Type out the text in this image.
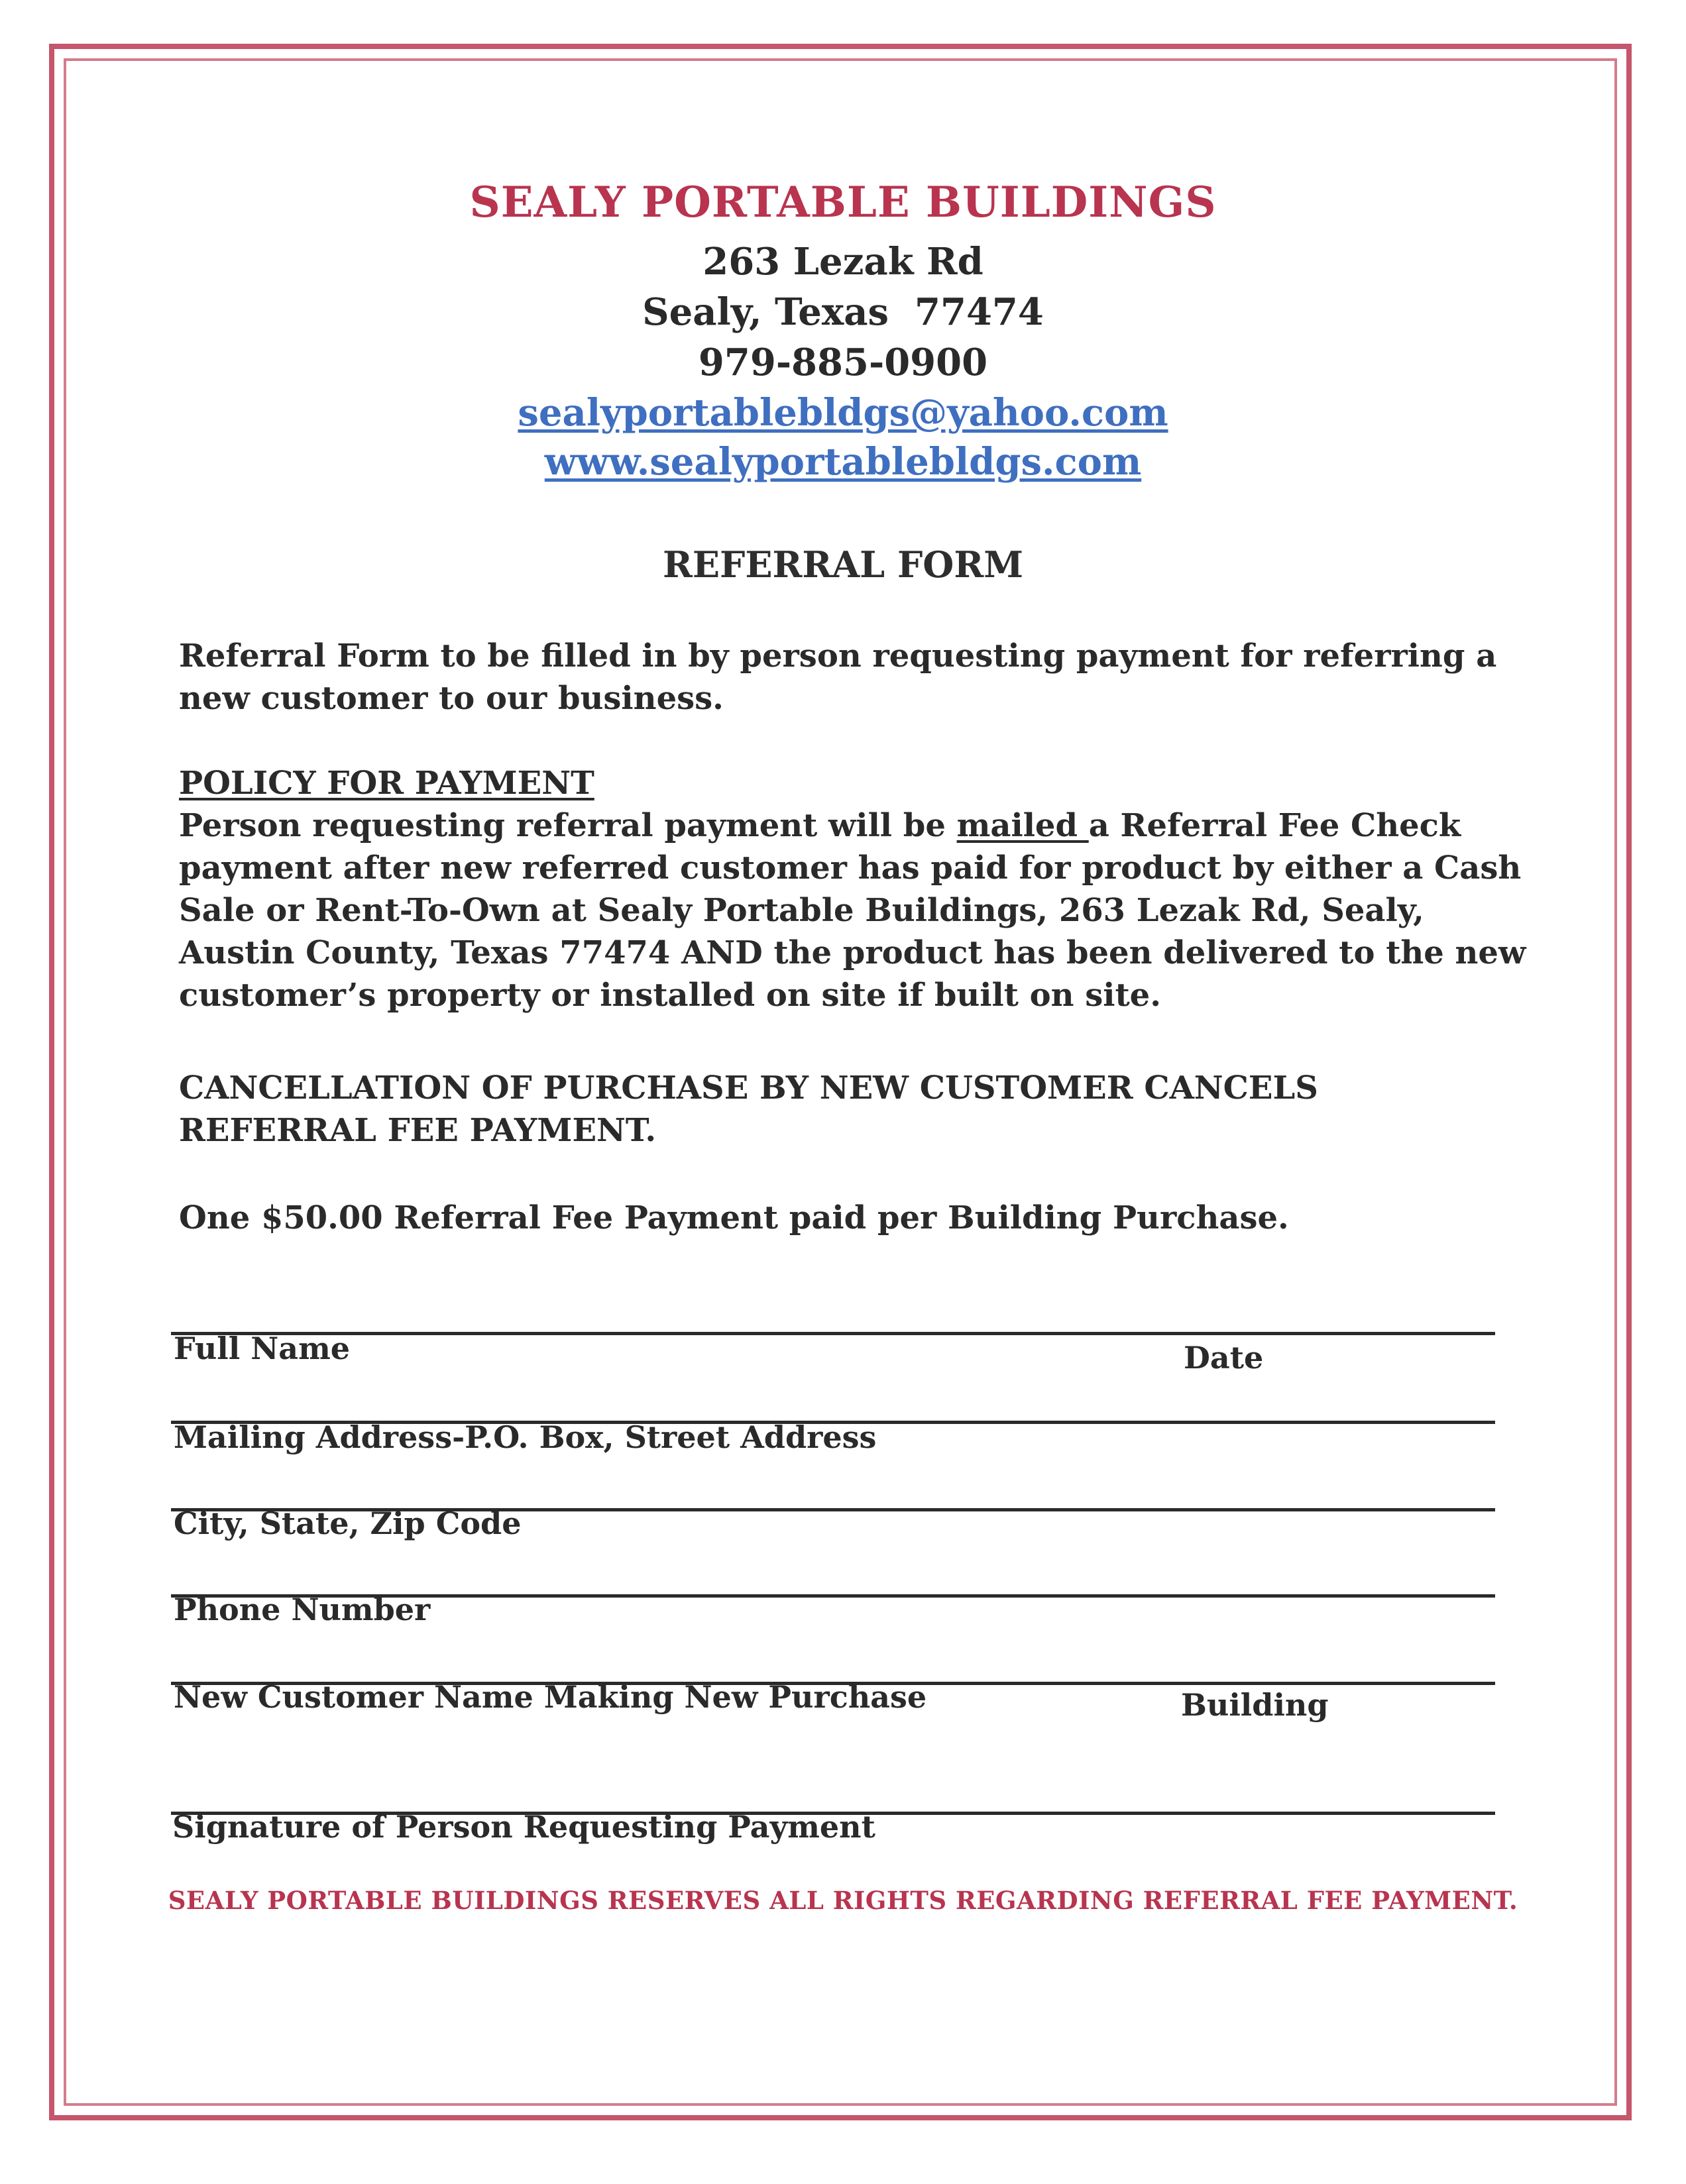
SEALY PORTABLE BUILDINGS
263 Lezak Rd
Sealy, Texas  77474
979-885-0900
sealyportablebldgs@yahoo.com
www.sealyportablebldgs.com
REFERRAL FORM
Referral Form to be filled in by person requesting payment for referring a
new customer to our business.
POLICY FOR PAYMENT
Person requesting referral payment will be mailed a Referral Fee Check
payment after new referred customer has paid for product by either a Cash
Sale or Rent-To-Own at Sealy Portable Buildings, 263 Lezak Rd, Sealy,
Austin County, Texas 77474 AND the product has been delivered to the new
customer’s property or installed on site if built on site.
CANCELLATION OF PURCHASE BY NEW CUSTOMER CANCELS
REFERRAL FEE PAYMENT.
One $50.00 Referral Fee Payment paid per Building Purchase.
Full Name	Date
Mailing Address-P.O. Box, Street Address
City, State, Zip Code
Phone Number
New Customer Name Making New Purchase	Building
Signature of Person Requesting Payment
SEALY PORTABLE BUILDINGS RESERVES ALL RIGHTS REGARDING REFERRAL FEE PAYMENT.
